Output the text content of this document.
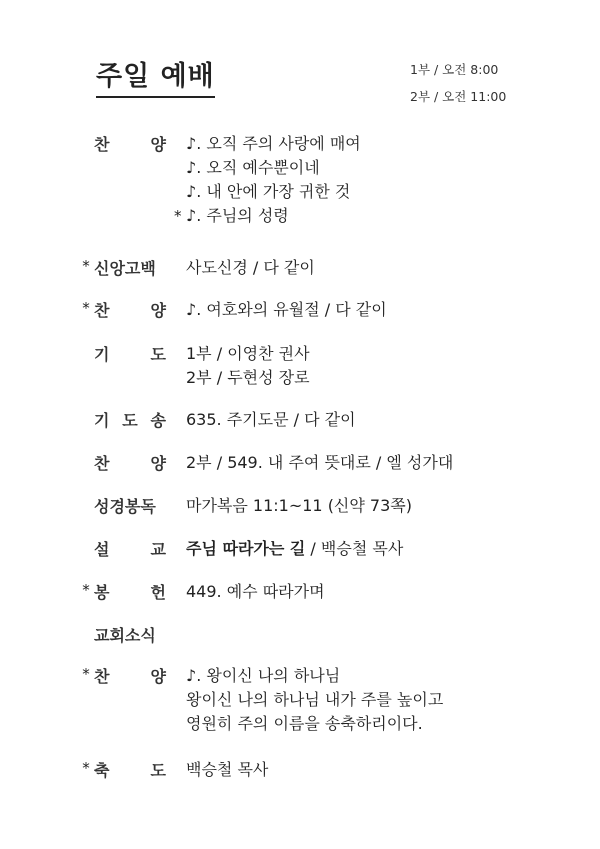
주일 예배	1부 / 오전 8:00
2부 / 오전 11:00
찬	양 ♪. 오직 주의 사랑에 매여
♪. 오직 예수뿐이네
♪. 내 안에 가장 귀한 것
* ♪. 주님의 성령
* 신앙고백	사도신경 / 다 같이
* 찬	양 ♪. 여호와의 유월절 / 다 같이
기	도 1부 / 이영찬 권사
2부 / 두현성 장로
기 도 송 635. 주기도문 / 다 같이
찬	양 2부 / 549. 내 주여 뜻대로 / 엘 성가대
성경봉독	마가복음 11:1~11 (신약 73쪽)
설	교 주님 따라가는 길 / 백승철 목사
* 봉	헌 449. 예수 따라가며
교회소식
* 찬	양 ♪. 왕이신 나의 하나님
왕이신 나의 하나님 내가 주를 높이고
영원히 주의 이름을 송축하리이다.
* 축	도 백승철 목사
